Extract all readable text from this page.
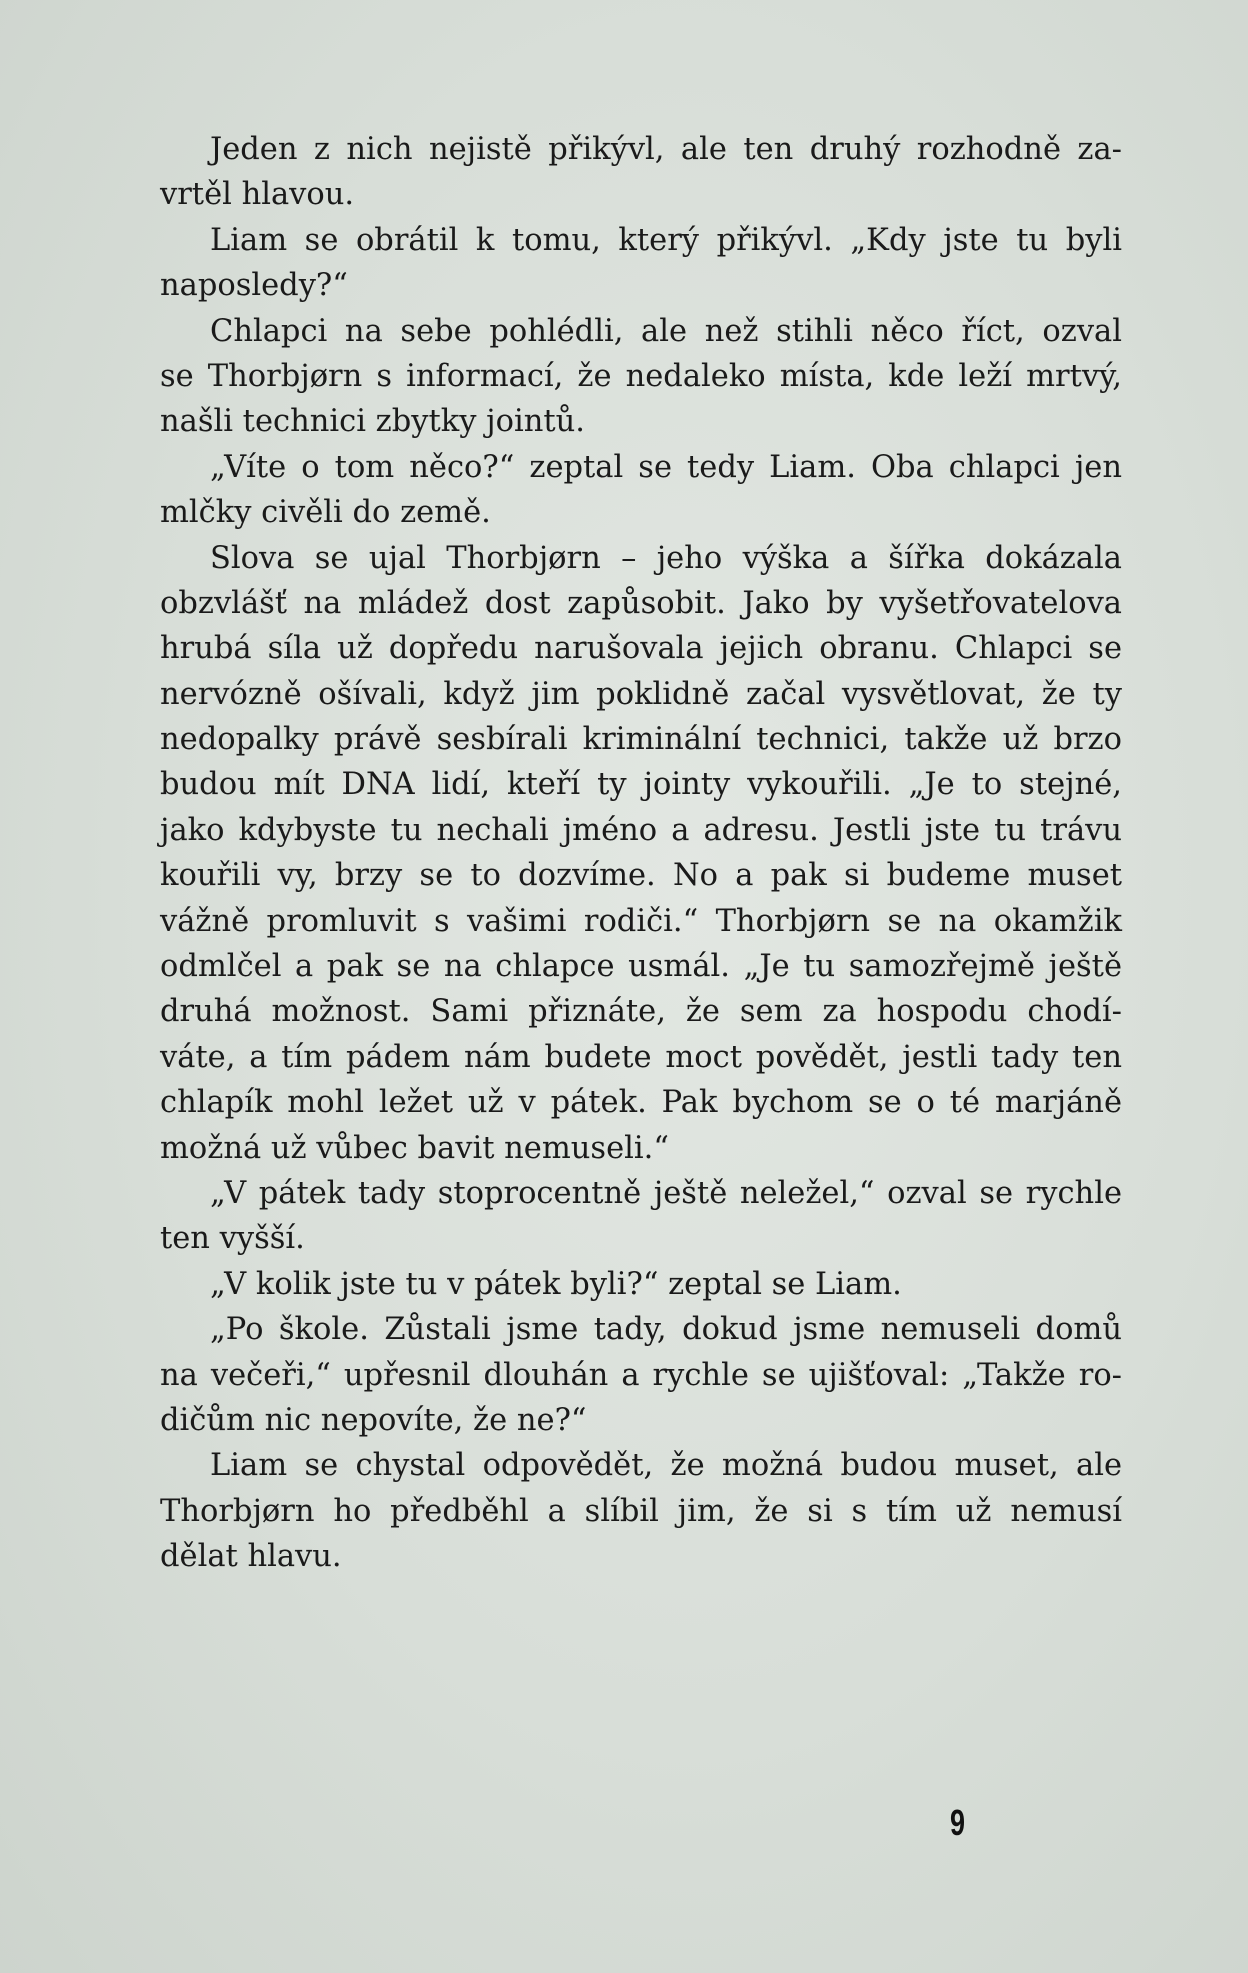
Jeden z nich nejistě přikývl, ale ten druhý rozhodně za-
vrtěl hlavou.
Liam se obrátil k tomu, který přikývl. „Kdy jste tu byli
naposledy?“
Chlapci na sebe pohlédli, ale než stihli něco říct, ozval
se Thorbjørn s informací, že nedaleko místa, kde leží mrtvý,
našli technici zbytky jointů.
„Víte o tom něco?“ zeptal se tedy Liam. Oba chlapci jen
mlčky civěli do země.
Slova se ujal Thorbjørn – jeho výška a šířka dokázala
obzvlášť na mládež dost zapůsobit. Jako by vyšetřovatelova
hrubá síla už dopředu narušovala jejich obranu. Chlapci se
nervózně ošívali, když jim poklidně začal vysvětlovat, že ty
nedopalky právě sesbírali kriminální technici, takže už brzo
budou mít DNA lidí, kteří ty jointy vykouřili. „Je to stejné,
jako kdybyste tu nechali jméno a adresu. Jestli jste tu trávu
kouřili vy, brzy se to dozvíme. No a pak si budeme muset
vážně promluvit s vašimi rodiči.“ Thorbjørn se na okamžik
odmlčel a pak se na chlapce usmál. „Je tu samozřejmě ještě
druhá možnost. Sami přiznáte, že sem za hospodu chodí-
váte, a tím pádem nám budete moct povědět, jestli tady ten
chlapík mohl ležet už v pátek. Pak bychom se o té marjáně
možná už vůbec bavit nemuseli.“
„V pátek tady stoprocentně ještě neležel,“ ozval se rychle
ten vyšší.
„V kolik jste tu v pátek byli?“ zeptal se Liam.
„Po škole. Zůstali jsme tady, dokud jsme nemuseli domů
na večeři,“ upřesnil dlouhán a rychle se ujišťoval: „Takže ro-
dičům nic nepovíte, že ne?“
Liam se chystal odpovědět, že možná budou muset, ale
Thorbjørn ho předběhl a slíbil jim, že si s tím už nemusí
dělat hlavu.
9
